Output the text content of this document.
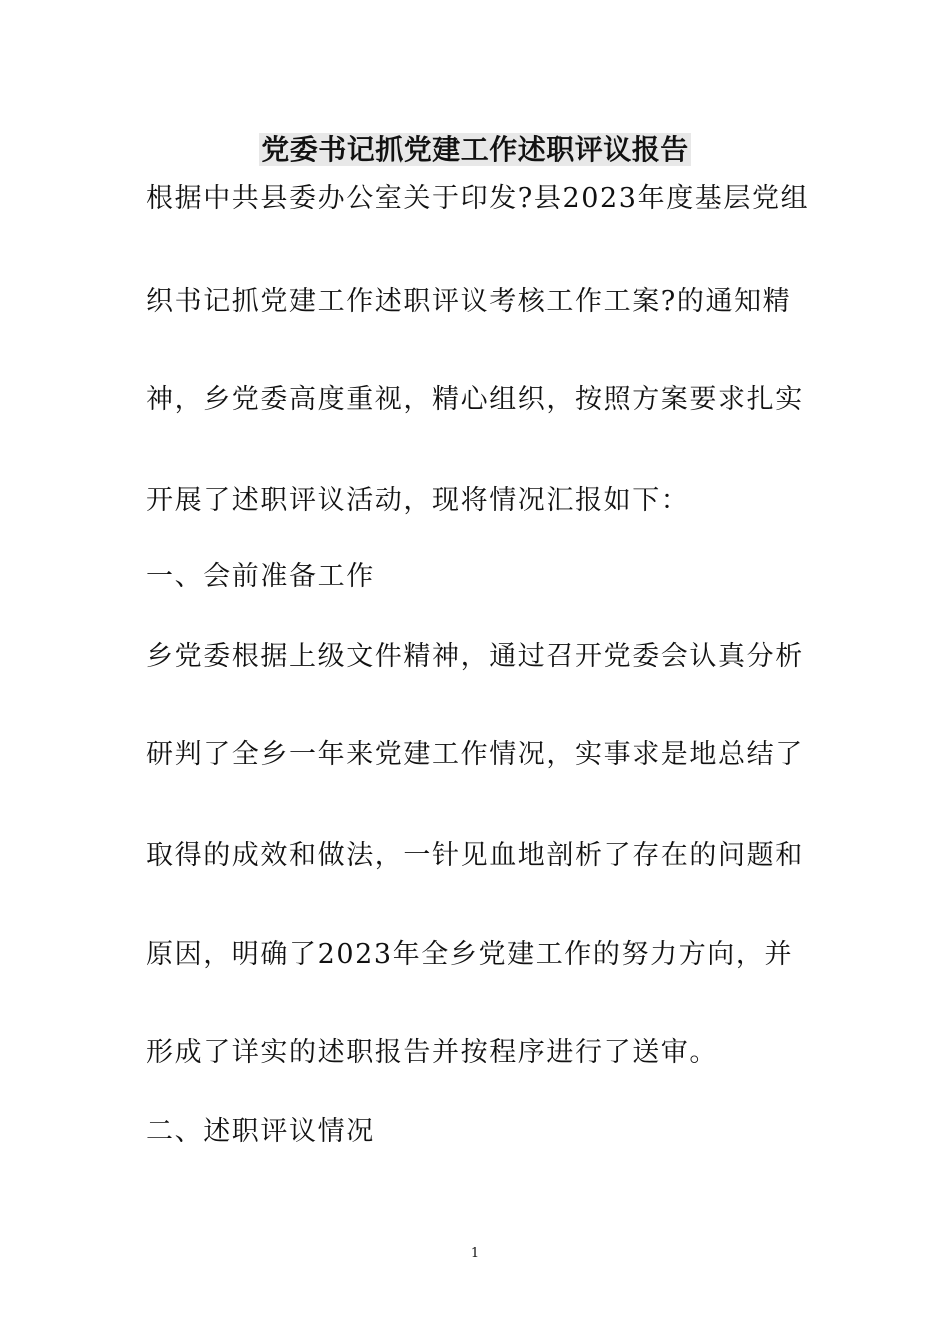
党委书记抓党建工作述职评议报告
根据中共县委办公室关于印发?县2023年度基层党组
织书记抓党建工作述职评议考核工作工案?的通知精
神，乡党委高度重视，精心组织，按照方案要求扎实
开展了述职评议活动，现将情况汇报如下：
一、会前准备工作
乡党委根据上级文件精神，通过召开党委会认真分析
研判了全乡一年来党建工作情况，实事求是地总结了
取得的成效和做法，一针见血地剖析了存在的问题和
原因，明确了2023年全乡党建工作的努力方向，并
形成了详实的述职报告并按程序进行了送审。
二、述职评议情况
1
